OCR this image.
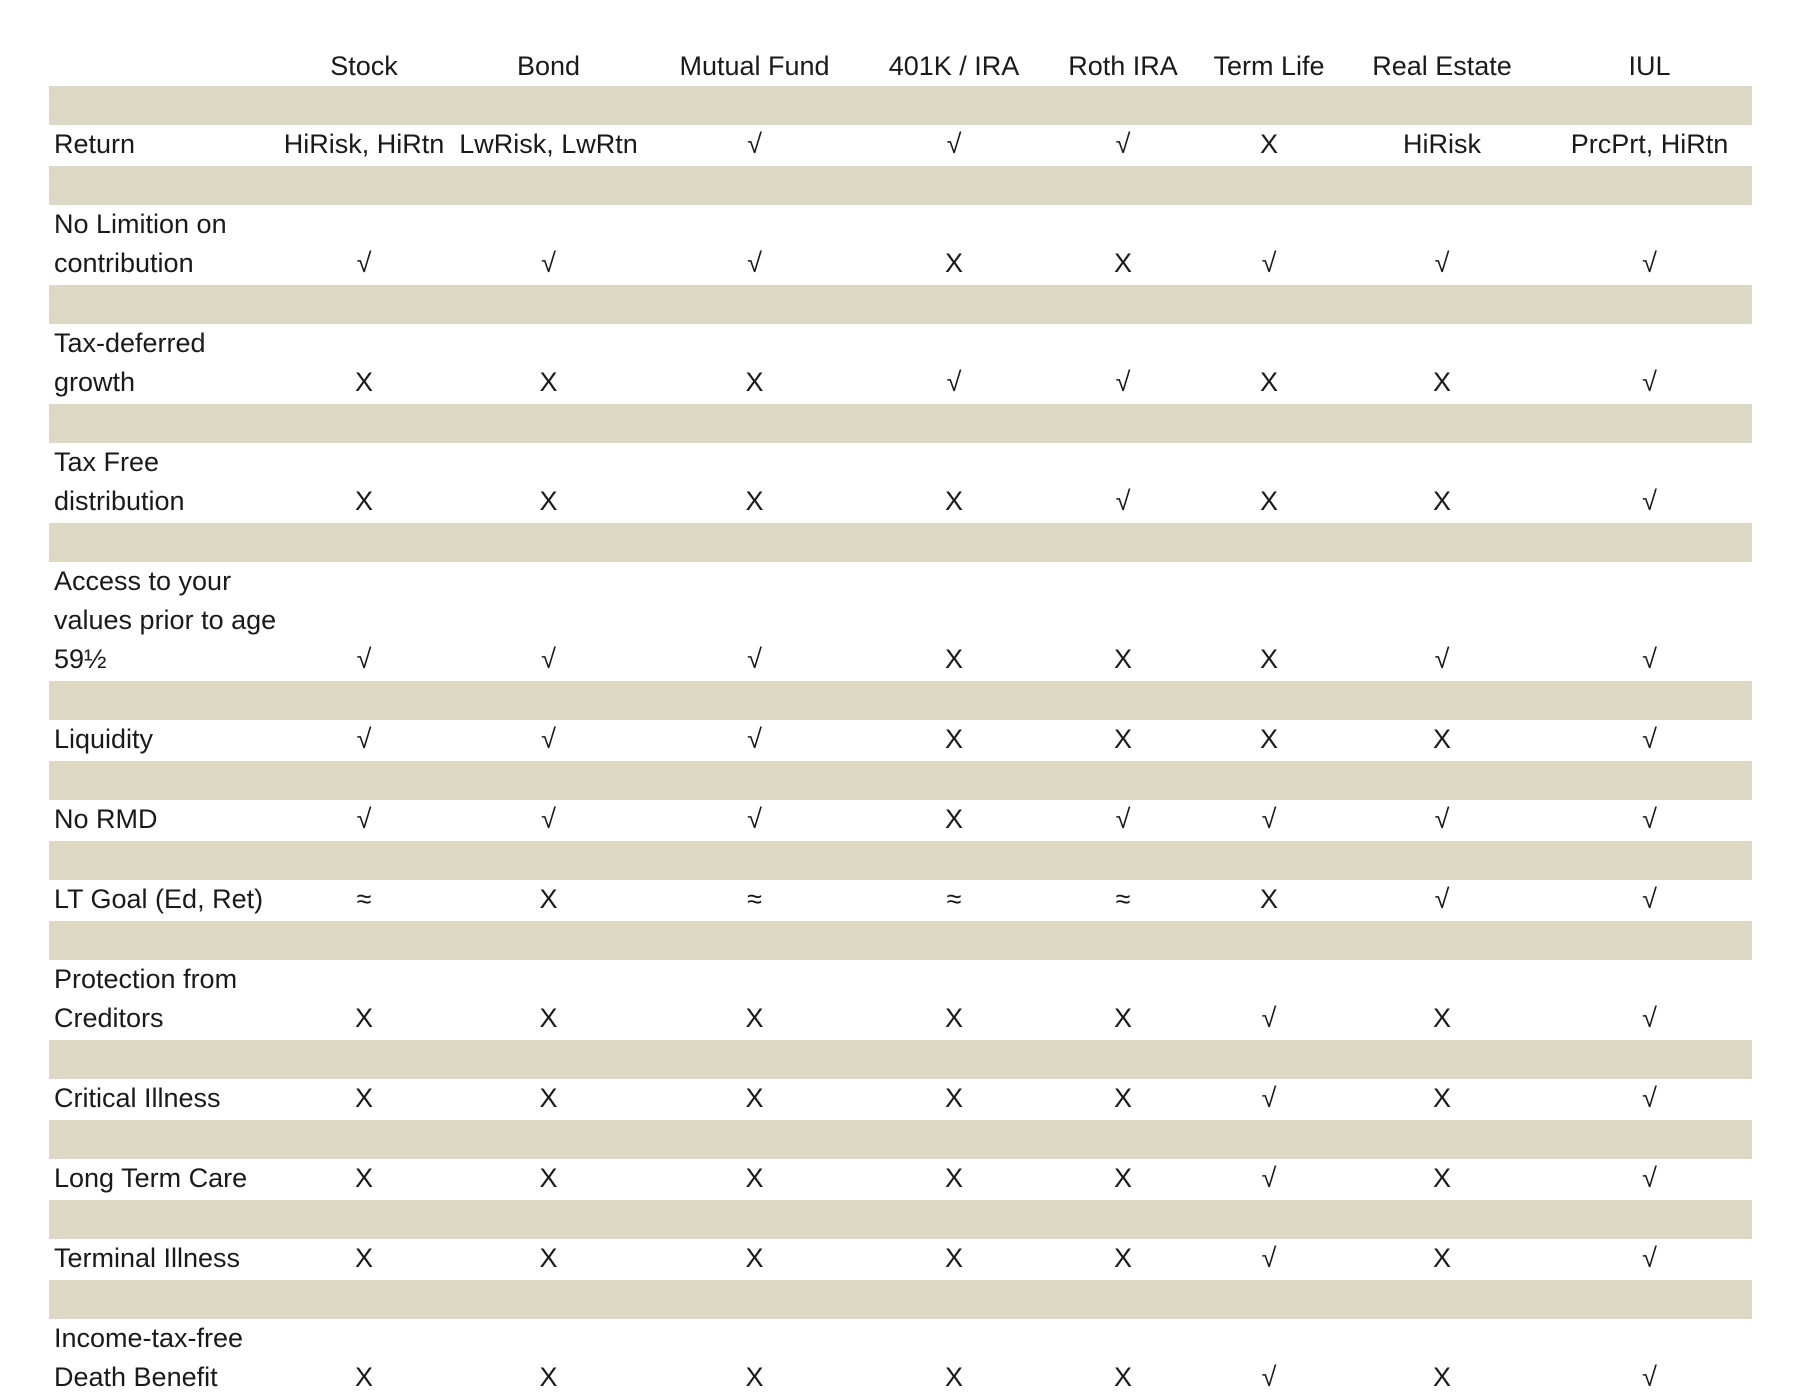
	Stock	Bond	Mutual Fund	401K / IRA	Roth IRA	Term Life	Real Estate	IUL

Return	HiRisk, HiRtn	LwRisk, LwRtn	√	√	√	X	HiRisk	PrcPrt, HiRtn

No Limition on contribution	√	√	√	X	X	√	√	√

Tax-deferred growth	X	X	X	√	√	X	X	√

Tax Free distribution	X	X	X	X	√	X	X	√

Access to your values prior to age 59½	√	√	√	X	X	X	√	√

Liquidity	√	√	√	X	X	X	X	√

No RMD	√	√	√	X	√	√	√	√

LT Goal (Ed, Ret)	≈	X	≈	≈	≈	X	√	√

Protection from Creditors	X	X	X	X	X	√	X	√

Critical Illness	X	X	X	X	X	√	X	√

Long Term Care	X	X	X	X	X	√	X	√

Terminal Illness	X	X	X	X	X	√	X	√

Income-tax-free Death Benefit	X	X	X	X	X	√	X	√
